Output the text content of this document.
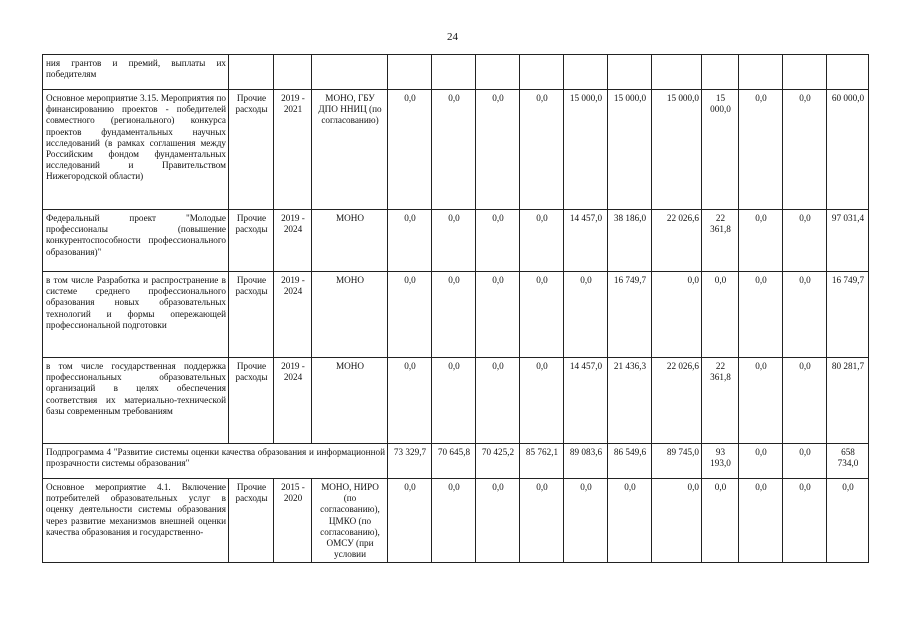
24
ния грантов и премий, выплаты их победителям														
Основное мероприятие 3.15. Мероприятия по финансированию проектов - победителей совместного (регионального) конкурса проектов фундаментальных научных исследований (в рамках соглашения между Российским фондом фундаментальных исследований и Правительством Нижегородской области)	Прочие расходы	2019 - 2021	МОНО, ГБУ ДПО ННИЦ (по согласованию)	0,0	0,0	0,0	0,0	15 000,0	15 000,0	15 000,0	15 000,0	0,0	0,0	60 000,0
Федеральный проект "Молодые профессионалы (повышение конкурентоспособности профессионального образования)"	Прочие расходы	2019 - 2024	МОНО	0,0	0,0	0,0	0,0	14 457,0	38 186,0	22 026,6	22 361,8	0,0	0,0	97 031,4
в том числе Разработка и распространение в системе среднего профессионального образования новых образовательных технологий и формы опережающей профессиональной подготовки	Прочие расходы	2019 - 2024	МОНО	0,0	0,0	0,0	0,0	0,0	16 749,7	0,0	0,0	0,0	0,0	16 749,7
в том числе государственная поддержка профессиональных образовательных организаций в целях обеспечения соответствия их материально-технической базы современным требованиям	Прочие расходы	2019 - 2024	МОНО	0,0	0,0	0,0	0,0	14 457,0	21 436,3	22 026,6	22 361,8	0,0	0,0	80 281,7
Подпрограмма 4 "Развитие системы оценки качества образования и информационной прозрачности системы образования"				73 329,7	70 645,8	70 425,2	85 762,1	89 083,6	86 549,6	89 745,0	93 193,0	0,0	0,0	658 734,0
Основное мероприятие 4.1. Включение потребителей образовательных услуг в оценку деятельности системы образования через развитие механизмов внешней оценки качества образования и государственно-	Прочие расходы	2015 - 2020	МОНО, НИРО (по согласованию), ЦМКО (по согласованию), ОМСУ (при условии	0,0	0,0	0,0	0,0	0,0	0,0	0,0	0,0	0,0	0,0	0,0
